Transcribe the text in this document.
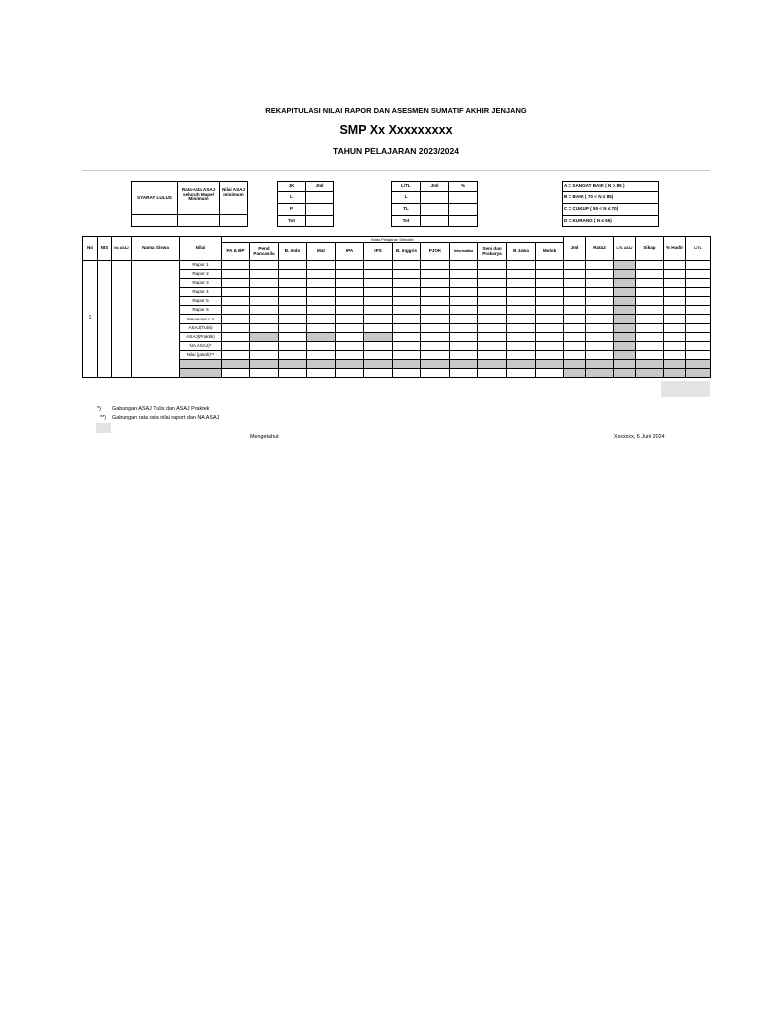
REKAPITULASI NILAI RAPOR DAN ASESMEN SUMATIF AKHIR JENJANG
SMP Xx Xxxxxxxxx
TAHUN PELAJARAN 2023/2024
SYARAT LULUS	Rata-rata ASAJ seluruh Mapel Minimum	Nilai ASAJ minimum

JK	Jml
L	
P	
Tot	
L/TL	Jml	%
L		
TL		
Tot		
A = SANGAT BAIK ( N > 85 )
B = BAIK ( 70 < N ≤ 85)
C = CUKUP ( 55 < N ≤ 70)
D = KURANG ( N ≤ 55)
No	NIS	No ASAJ	Nama Siswa	Nilai	Mata Pelajaran Sekolah												Jml	Rata2	L/TL ASAJ	Sikap	% Hadir	L/TL
					PA & BP	Pend Pancasila	B. Indo	Mat	IPA	IPS	B. Inggris	PJOK	Informatika	Seni dan Prakarya	B Jawa	Mulok						
1				Rapor 1																		
				Rapor 2																		
				Rapor 3																		
				Rapor 4																		
				Rapor 5																		
				Rapor 6																		
				Rata-rata rapor 1 - 6																		
				ASAJ(Tulis)																		
				ASAJ(Praktik)																		
				NA ASAJ)*																		
				Nilai (jasah)**																		

*) Gabungan ASAJ Tulis dan ASAJ Praktek
**) Gabungan rata rata nilai raport dan NA ASAJ
Mengetahui:	Xxxxxxx, 6 Juni 2024
